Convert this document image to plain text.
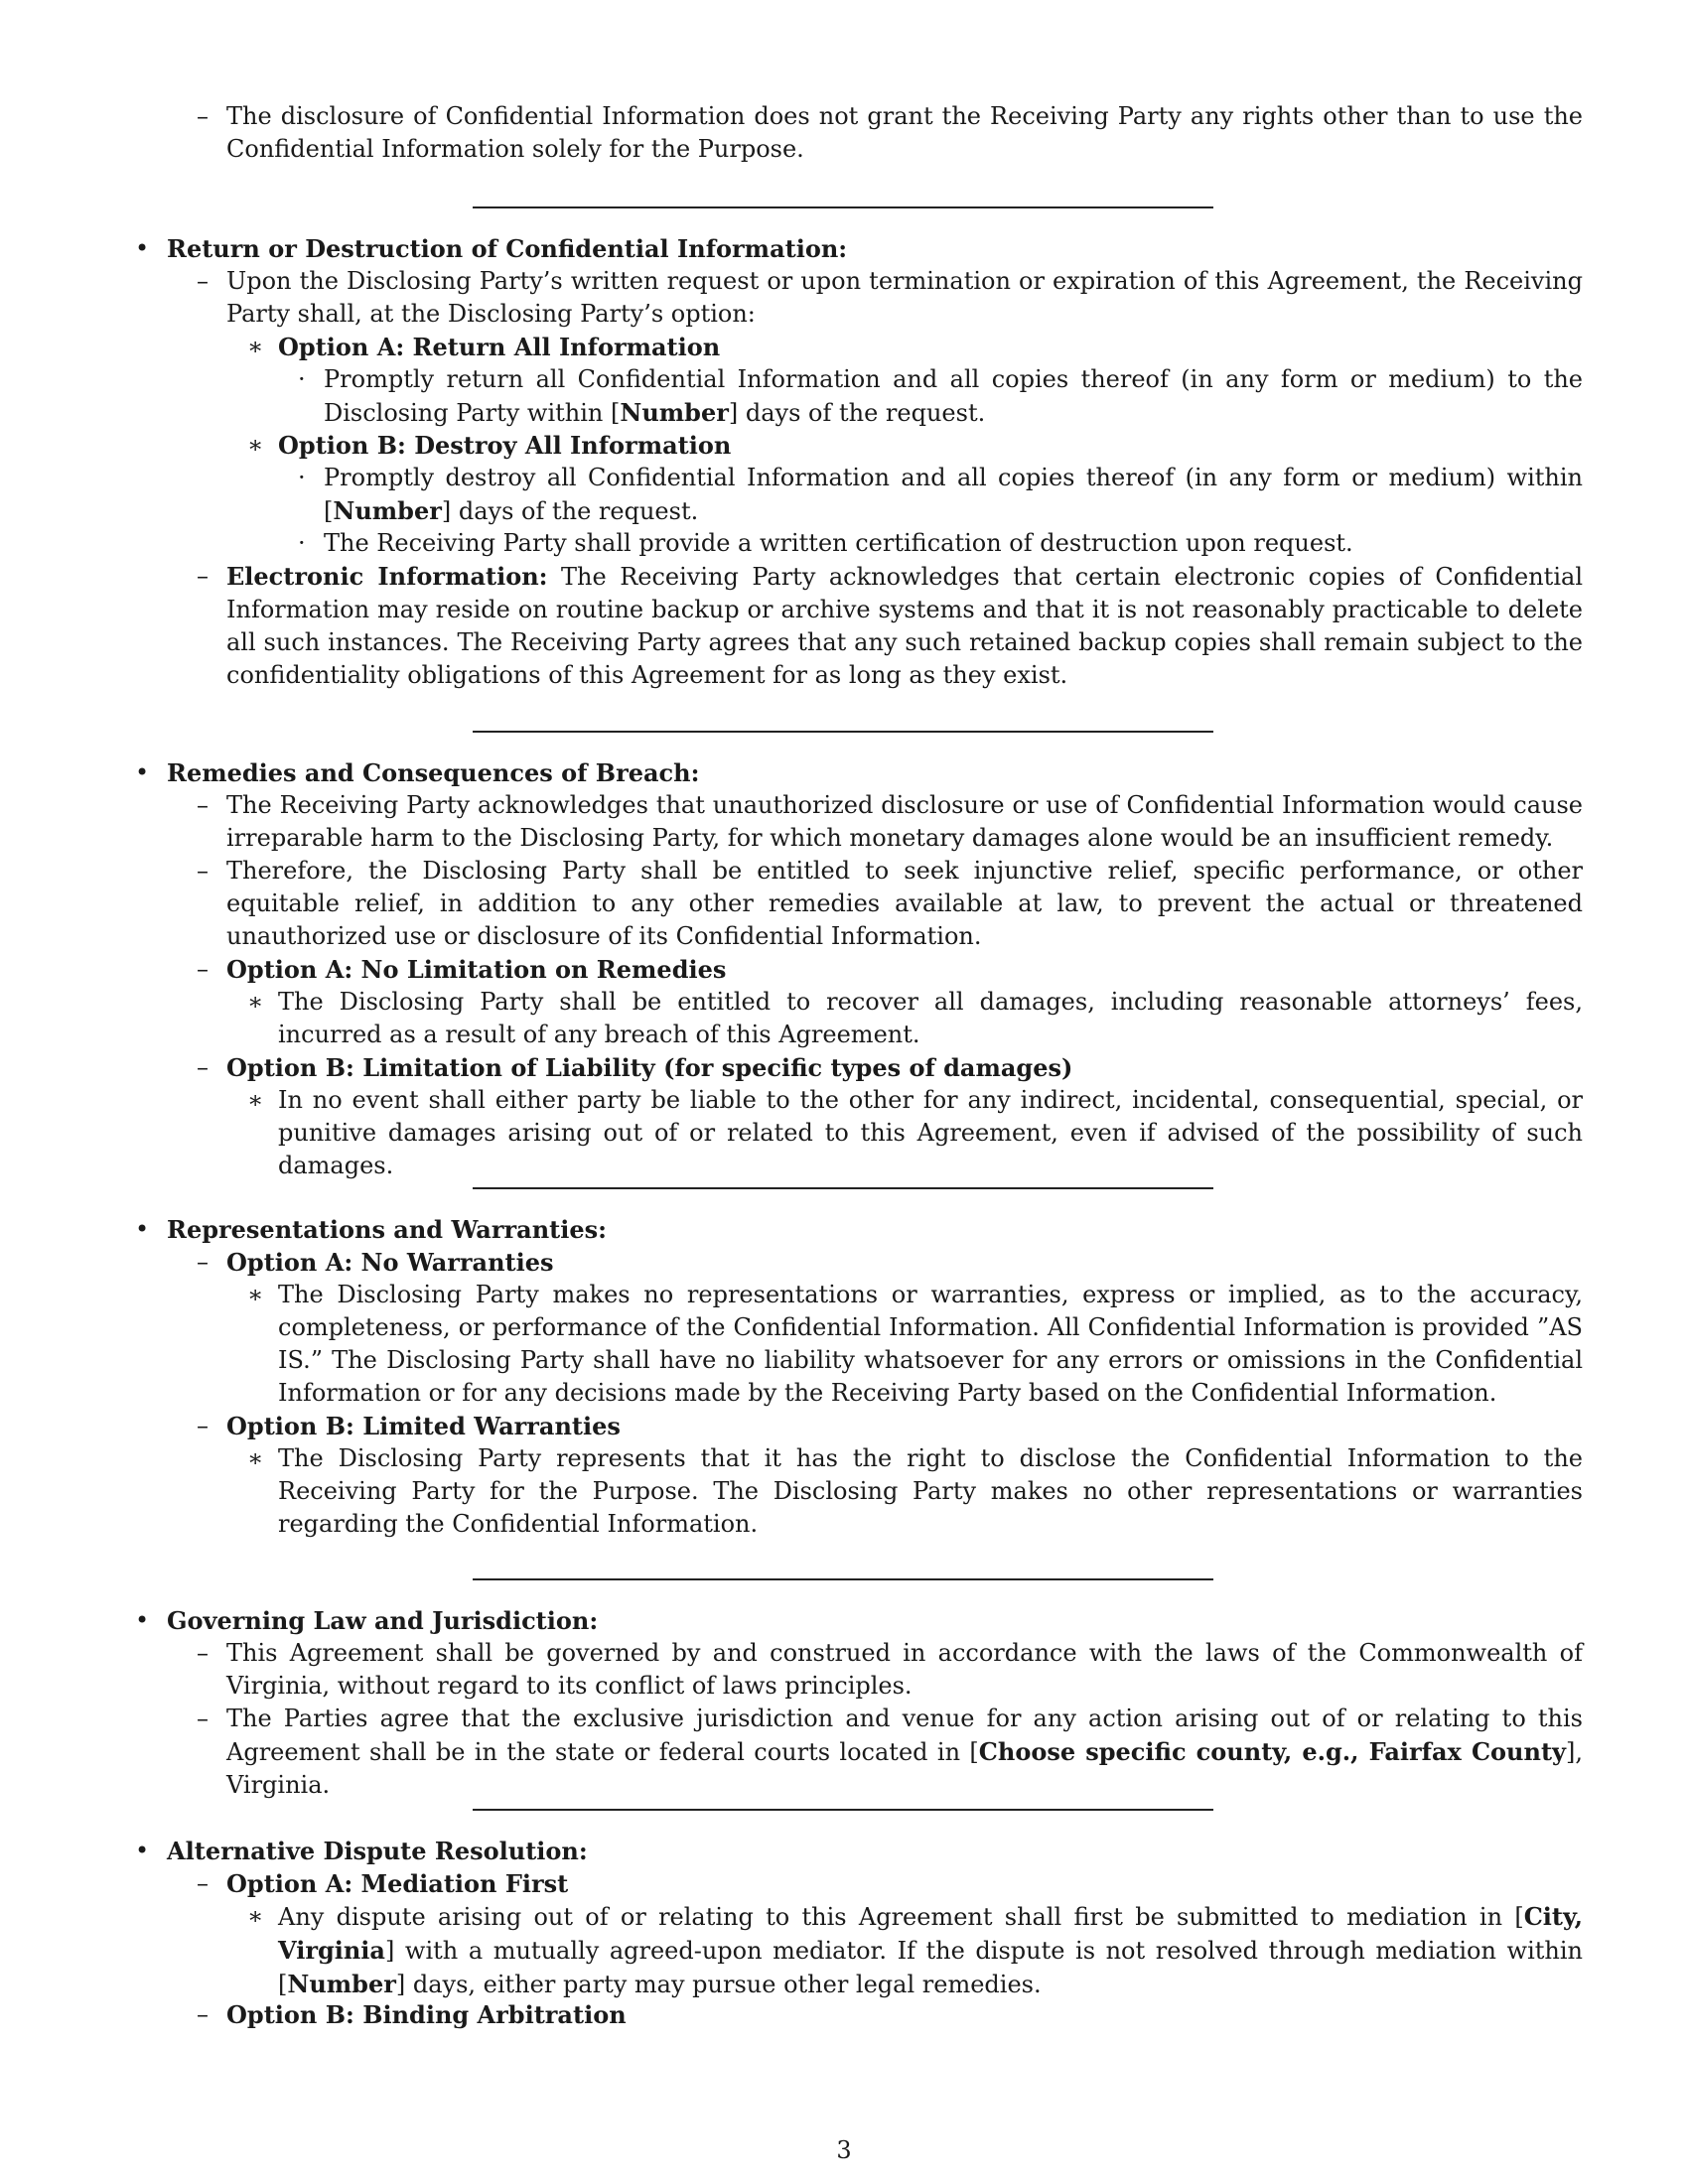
– The disclosure of Confidential Information does not grant the Receiving Party any rights other than to use the Confidential Information solely for the Purpose.

• Return or Destruction of Confidential Information:

– Upon the Disclosing Party’s written request or upon termination or expiration of this Agreement, the Receiving Party shall, at the Disclosing Party’s option:

∗ Option A: Return All Information

· Promptly return all Confidential Information and all copies thereof (in any form or medium) to the Disclosing Party within [Number] days of the request.

∗ Option B: Destroy All Information

· Promptly destroy all Confidential Information and all copies thereof (in any form or medium) within [Number] days of the request.

· The Receiving Party shall provide a written certification of destruction upon request.

– Electronic Information: The Receiving Party acknowledges that certain electronic copies of Confidential Information may reside on routine backup or archive systems and that it is not reasonably practicable to delete all such instances. The Receiving Party agrees that any such retained backup copies shall remain subject to the confidentiality obligations of this Agreement for as long as they exist.

• Remedies and Consequences of Breach:

– The Receiving Party acknowledges that unauthorized disclosure or use of Confidential Information would cause irreparable harm to the Disclosing Party, for which monetary damages alone would be an insufficient remedy.

– Therefore, the Disclosing Party shall be entitled to seek injunctive relief, specific performance, or other equitable relief, in addition to any other remedies available at law, to prevent the actual or threatened unauthorized use or disclosure of its Confidential Information.

– Option A: No Limitation on Remedies

∗ The Disclosing Party shall be entitled to recover all damages, including reasonable attorneys’ fees, incurred as a result of any breach of this Agreement.

– Option B: Limitation of Liability (for specific types of damages)

∗ In no event shall either party be liable to the other for any indirect, incidental, consequential, special, or punitive damages arising out of or related to this Agreement, even if advised of the possibility of such damages.

• Representations and Warranties:

– Option A: No Warranties

∗ The Disclosing Party makes no representations or warranties, express or implied, as to the accuracy, completeness, or performance of the Confidential Information. All Confidential Information is provided ”AS IS.” The Disclosing Party shall have no liability whatsoever for any errors or omissions in the Confidential Information or for any decisions made by the Receiving Party based on the Confidential Information.

– Option B: Limited Warranties

∗ The Disclosing Party represents that it has the right to disclose the Confidential Information to the Receiving Party for the Purpose. The Disclosing Party makes no other representations or warranties regarding the Confidential Information.

• Governing Law and Jurisdiction:

– This Agreement shall be governed by and construed in accordance with the laws of the Commonwealth of Virginia, without regard to its conflict of laws principles.

– The Parties agree that the exclusive jurisdiction and venue for any action arising out of or relating to this Agreement shall be in the state or federal courts located in [Choose specific county, e.g., Fairfax County], Virginia.

• Alternative Dispute Resolution:

– Option A: Mediation First

∗ Any dispute arising out of or relating to this Agreement shall first be submitted to mediation in [City, Virginia] with a mutually agreed-upon mediator. If the dispute is not resolved through mediation within [Number] days, either party may pursue other legal remedies.

– Option B: Binding Arbitration

3
